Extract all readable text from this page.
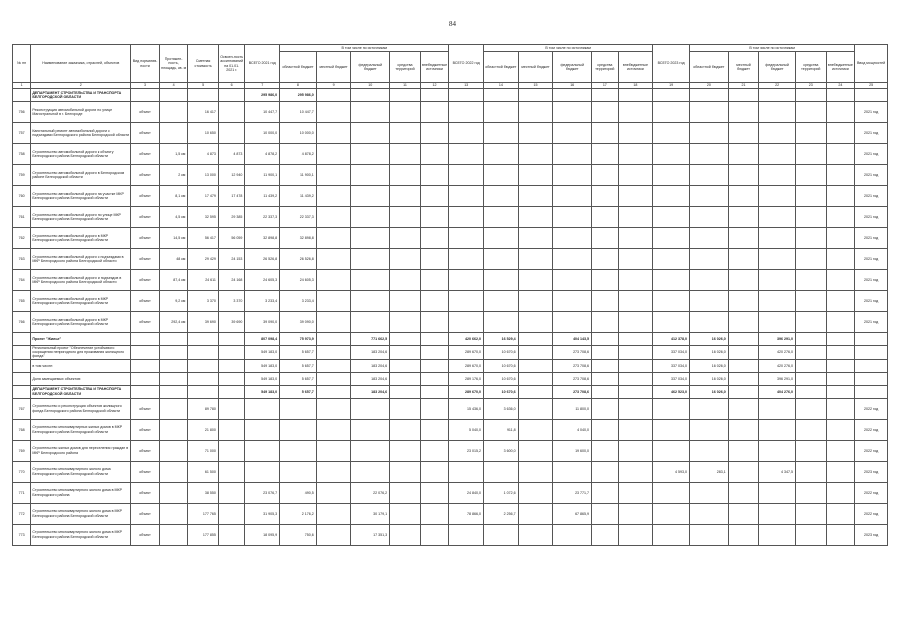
84
№ пп	Наименование заказчика, отраслей, объектов	Вид норматив-ности	Протяжен-ность, площадь, кв. м	Сметная стоимость	Освоен-ность ассигнований на 01.01. 2021 г.	ВСЕГО 2021 год	В том числе по источникам					ВСЕГО 2022 год	В том числе по источникам					ВСЕГО 2023 год	В том числе по источникам					Ввод мощностей
							областной бюджет	местный бюджет	федеральный бюджет	средства территорий	внебюджетные источники		областной бюджет	местный бюджет	федеральный бюджет	средства территорий	внебюджетные источники		областной бюджет	местный бюджет	федеральный бюджет	средства территорий	внебюджетные источники	
1	2	3	4	5	6	7	8	9	10	11	12	13	14	15	16	17	18	19	20	21	22	23	24	25
	ДЕПАРТАМЕНТ СТРОИТЕЛЬСТВА И ТРАНСПОРТА БЕЛГОРОДСКОЙ ОБЛАСТИ					295 986,0	295 986,0																	
756	Реконструкция автомобильной дороги по улице Магистральной в г. Белгороде	объект		16 417		10 447,7	10 447,7																	2021 год
757	Капитальный ремонт автомобильной дороги с подъездами Белгородского района Белгородской области	объект		10 650		10 000,0	10 000,0																	2021 год
758	Строительство автомобильной дороги к объекту Белгородского района Белгородской области	объект	1,5 км	4 873	4 873	4 878,2	4 878,2																	2021 год
759	Строительство автомобильной дороги в Белгородском районе Белгородской области	объект	2 км	13 000	12 940	11 900,1	11 900,1																	2021 год
760	Строительство автомобильной дороги на участке МКР Белгородского района Белгородской области	объект	8,1 км	17 479	17 478	11 439,2	11 439,2																	2021 год
761	Строительство автомобильной дороги по улице МКР Белгородского района Белгородской области	объект	4,5 км	32 595	29 385	22 337,3	22 337,3																	2021 год
762	Строительство автомобильной дороги в МКР Белгородского района Белгородской области	объект	14,5 км	56 417	56 059	32 898,8	32 898,8																	2021 год
763	Строительство автомобильной дороги с подъездами в МКР Белгородского района Белгородской области	объект	48 км	29 429	24 153	26 526,8	26 526,8																	2021 год
764	Строительство автомобильной дороги и подъездов в МКР Белгородского района Белгородской области	объект	87,4 км	24 611	24 168	24 605,3	24 605,3																	2021 год
765	Строительство автомобильной дороги в МКР Белгородского района Белгородской области	объект	9,2 км	3 370	3 370	3 233,4	3 233,4																	2021 год
766	Строительство автомобильной дороги в МКР Белгородского района Белгородской области	объект	292,4 км	39 690	39 690	39 090,0	39 090,0																	2021 год
	Проект "Жилье"					807 098,4	75 973,9		771 662,5			420 662,0	16 529,4		404 143,5			412 378,0	16 026,0		396 291,0			
	Региональный проект "Обеспечение устойчивого сокращения непригодного для проживания жилищного фонда"					549 183,0	5 657,7		183 204,6			289 670,0	10 670,6		273 708,6			337 034,0	16 026,0		420 276,0			
	в том числе:					549 183,0	5 657,7		183 204,6			289 670,0	10 670,6		273 708,6			337 034,0	16 026,0		420 276,0			
	Доля замещаемых объектов:					549 183,0	5 657,7		183 204,6			289 176,0	10 670,6		273 708,6			337 034,0	16 026,0		396 291,0			
	ДЕПАРТАМЕНТ СТРОИТЕЛЬСТВА И ТРАНСПОРТА БЕЛГОРОДСКОЙ ОБЛАСТИ					549 183,0	5 657,7		183 204,6			289 670,0	10 670,6		273 708,6			462 523,0	16 026,0		404 276,0			
767	Строительство и реконструкция объектов жилищного фонда Белгородского района Белгородской области	объект		89 780								15 436,0	3 636,0		11 800,0									2022 год
768	Строительство многоквартирных жилых домов в МКР Белгородского района Белгородской области	объект		21 800								5 040,0	911,8		4 040,0									2022 год
769	Строительство жилых домов для переселения граждан в МКР Белгородского района	объект		71 000								23 015,2	3 600,0		19 600,0									2022 год
770	Строительство многоквартирного жилого дома Белгородского района Белгородской области	объект		61 500														4 593,0	283,1		4 347,5			2023 год
771	Строительство многоквартирного жилого дома в МКР Белгородского района	объект		38 550		23 076,7	490,5		22 076,2			24 840,0	1 072,6		23 771,7									2022 год
772	Строительство многоквартирного жилого дома в МКР Белгородского района Белгородской области	объект		177 765		31 905,3	2 176,2		30 179,1			78 866,0	2 256,7		67 865,9									2022 год
773	Строительство многоквартирного жилого дома в МКР Белгородского района Белгородской области	объект		177 855		18 095,9	750,6		17 351,3															2023 год
